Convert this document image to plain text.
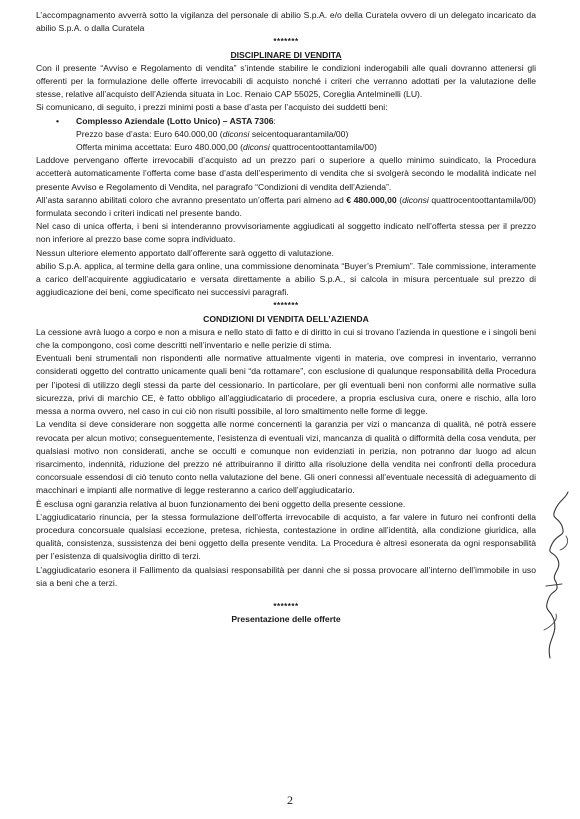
L’accompagnamento avverrà sotto la vigilanza del personale di abilio S.p.A. e/o della Curatela ovvero di un delegato incaricato da abilio S.p.A. o dalla Curatela

*******

DISCIPLINARE DI VENDITA

Con il presente “Avviso e Regolamento di vendita” s’intende stabilire le condizioni inderogabili alle quali dovranno attenersi gli offerenti per la formulazione delle offerte irrevocabili di acquisto nonché i criteri che verranno adottati per la valutazione delle stesse, relative all’acquisto dell’Azienda situata in Loc. Renaio CAP 55025, Coreglia Antelminelli (LU).

Si comunicano, di seguito, i prezzi minimi posti a base d’asta per l’acquisto dei suddetti beni:

• Complesso Aziendale (Lotto Unico) – ASTA 7306:

Prezzo base d’asta: Euro 640.000,00 (diconsi seicentoquarantamila/00)

Offerta minima accettata: Euro 480.000,00 (diconsi quattrocentoottantamila/00)

Laddove pervengano offerte irrevocabili d’acquisto ad un prezzo pari o superiore a quello minimo suindicato, la Procedura accetterà automaticamente l’offerta come base d’asta dell’esperimento di vendita che si svolgerà secondo le modalità indicate nel presente Avviso e Regolamento di Vendita, nel paragrafo “Condizioni di vendita dell’Azienda”.

All’asta saranno abilitati coloro che avranno presentato un’offerta pari almeno ad € 480.000,00 (diconsi quattrocentoottantamila/00) formulata secondo i criteri indicati nel presente bando.

Nel caso di unica offerta, i beni si intenderanno provvisoriamente aggiudicati al soggetto indicato nell’offerta stessa per il prezzo non inferiore al prezzo base come sopra individuato.

Nessun ulteriore elemento apportato dall’offerente sarà oggetto di valutazione.

abilio S.p.A. applica, al termine della gara online, una commissione denominata “Buyer’s Premium”. Tale commissione, interamente a carico dell’acquirente aggiudicatario e versata direttamente a abilio S.p.A., si calcola in misura percentuale sul prezzo di aggiudicazione dei beni, come specificato nei successivi paragrafi.

*******

CONDIZIONI DI VENDITA DELL’AZIENDA

La cessione avrà luogo a corpo e non a misura e nello stato di fatto e di diritto in cui si trovano l’azienda in questione e i singoli beni che la compongono, così come descritti nell’inventario e nelle perizie di stima.

Eventuali beni strumentali non rispondenti alle normative attualmente vigenti in materia, ove compresi in inventario, verranno considerati oggetto del contratto unicamente quali beni “da rottamare”, con esclusione di qualunque responsabilità della Procedura per l’ipotesi di utilizzo degli stessi da parte del cessionario. In particolare, per gli eventuali beni non conformi alle normative sulla sicurezza, privi di marchio CE, è fatto obbligo all’aggiudicatario di procedere, a propria esclusiva cura, onere e rischio, alla loro messa a norma ovvero, nel caso in cui ciò non risulti possibile, al loro smaltimento nelle forme di legge.

La vendita si deve considerare non soggetta alle norme concernenti la garanzia per vizi o mancanza di qualità, né potrà essere revocata per alcun motivo; conseguentemente, l’esistenza di eventuali vizi, mancanza di qualità o difformità della cosa venduta, per qualsiasi motivo non considerati, anche se occulti e comunque non evidenziati in perizia, non potranno dar luogo ad alcun risarcimento, indennità, riduzione del prezzo né attribuiranno il diritto alla risoluzione della vendita nei confronti della procedura concorsuale essendosi di ciò tenuto conto nella valutazione del bene. Gli oneri connessi all’eventuale necessità di adeguamento di macchinari e impianti alle normative di legge resteranno a carico dell’aggiudicatario.

È esclusa ogni garanzia relativa al buon funzionamento dei beni oggetto della presente cessione.

L’aggiudicatario rinuncia, per la stessa formulazione dell’offerta irrevocabile di acquisto, a far valere in futuro nei confronti della procedura concorsuale qualsiasi eccezione, pretesa, richiesta, contestazione in ordine all’identità, alla condizione giuridica, alla qualità, consistenza, sussistenza dei beni oggetto della presente vendita. La Procedura è altresì esonerata da ogni responsabilità per l’esistenza di qualsivoglia diritto di terzi.

L’aggiudicatario esonera il Fallimento da qualsiasi responsabilità per danni che si possa provocare all’interno dell’immobile in uso sia a beni che a terzi.

*******

Presentazione delle offerte

2
